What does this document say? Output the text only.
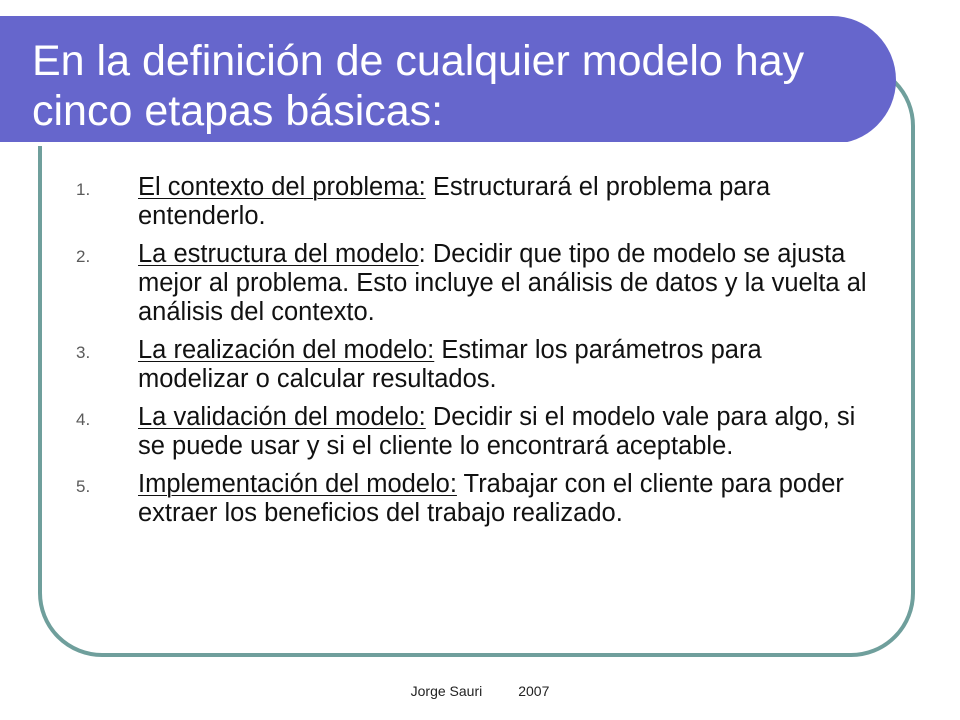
En la definición de cualquier modelo hay cinco etapas básicas:
1.	El contexto del problema: Estructurará el problema para entenderlo.
2.	La estructura del modelo: Decidir que tipo de modelo se ajusta mejor al problema. Esto incluye el análisis de datos y la vuelta al análisis del contexto.
3.	La realización del modelo: Estimar los parámetros para modelizar o calcular resultados.
4.	La validación del modelo: Decidir si el modelo vale para algo, si se puede usar y si el cliente lo encontrará aceptable.
5.	Implementación del modelo: Trabajar con el cliente para poder extraer los beneficios del trabajo realizado.
Jorge Sauri	2007
